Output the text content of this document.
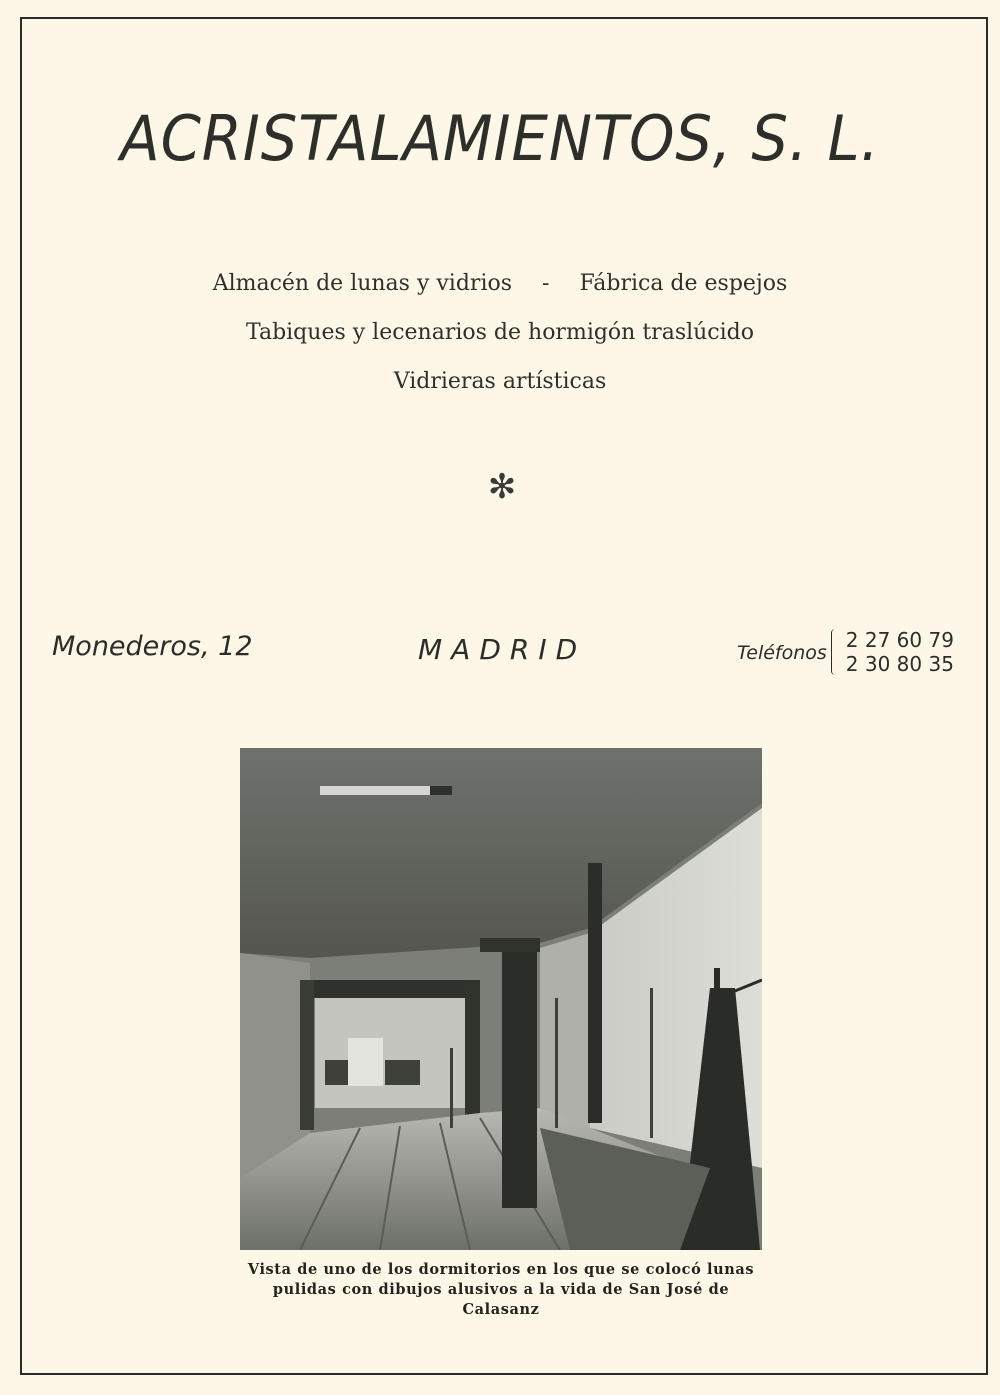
ACRISTALAMIENTOS, S. L.
Almacén de lunas y vidrios - Fábrica de espejos
Tabiques y lecenarios de hormigón traslúcido
Vidrieras artísticas
✻
Monederos, 12	MADRID	Teléfonos
2 27 60 79
2 30 80 35
Vista de uno de los dormitorios en los que se colocó lunas pulidas con dibujos alusivos a la vida de San José de Calasanz
